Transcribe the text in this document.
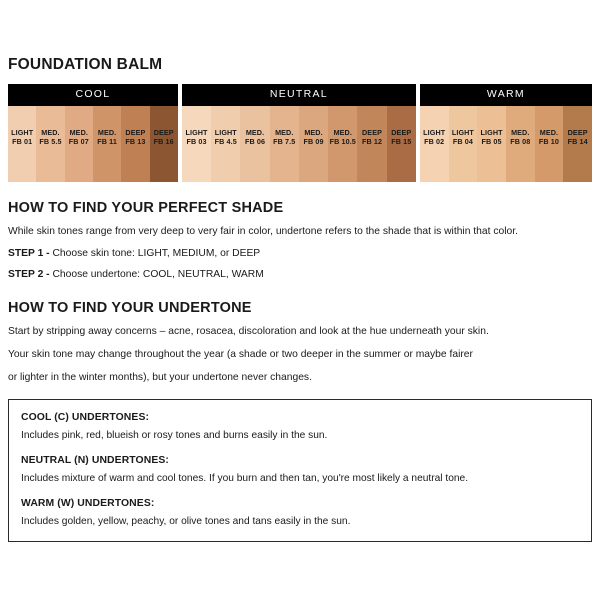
FOUNDATION BALM
COOL
LIGHT
FB 01
MED.
FB 5.5
MED.
FB 07
MED.
FB 11
DEEP
FB 13
DEEP
FB 16
NEUTRAL
LIGHT
FB 03
LIGHT
FB 4.5
MED.
FB 06
MED.
FB 7.5
MED.
FB 09
MED.
FB 10.5
DEEP
FB 12
DEEP
FB 15
WARM
LIGHT
FB 02
LIGHT
FB 04
LIGHT
FB 05
MED.
FB 08
MED.
FB 10
DEEP
FB 14
HOW TO FIND YOUR PERFECT SHADE

While skin tones range from very deep to very fair in color, undertone refers to the shade that is within that color.

STEP 1 - Choose skin tone: LIGHT, MEDIUM, or DEEP

STEP 2 - Choose undertone: COOL, NEUTRAL, WARM

HOW TO FIND YOUR UNDERTONE

Start by stripping away concerns – acne, rosacea, discoloration and look at the hue underneath your skin.

Your skin tone may change throughout the year (a shade or two deeper in the summer or maybe fairer

or lighter in the winter months), but your undertone never changes.

COOL (C) UNDERTONES:

Includes pink, red, blueish or rosy tones and burns easily in the sun.

NEUTRAL (N) UNDERTONES:

Includes mixture of warm and cool tones. If you burn and then tan, you're most likely a neutral tone.

WARM (W) UNDERTONES:

Includes golden, yellow, peachy, or olive tones and tans easily in the sun.
